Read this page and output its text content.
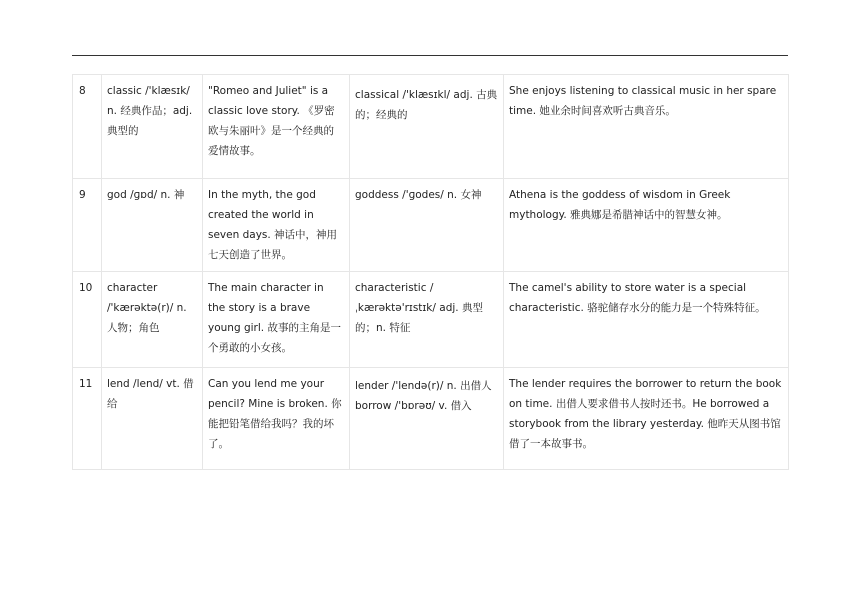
8	classic /'klæsɪk/ n. 经典作品；adj. 典型的	"Romeo and Juliet" is a classic love story. 《罗密欧与朱丽叶》是一个经典的爱情故事。	classical /'klæsɪkl/ adj. 古典的；经典的	She enjoys listening to classical music in her spare time. 她业余时间喜欢听古典音乐。
9	god /ɡɒd/ n. 神	In the myth, the god created the world in seven days. 神话中，神用七天创造了世界。	goddess /'ɡodes/ n. 女神	Athena is the goddess of wisdom in Greek mythology. 雅典娜是希腊神话中的智慧女神。
10	character /'kærəktə(r)/ n. 人物；角色	The main character in the story is a brave young girl. 故事的主角是一个勇敢的小女孩。	characteristic /ˌkærəktə'rɪstɪk/ adj. 典型的；n. 特征	The camel's ability to store water is a special characteristic. 骆驼储存水分的能力是一个特殊特征。
11	lend /lend/ vt. 借给	Can you lend me your pencil? Mine is broken. 你能把铅笔借给我吗？我的坏了。	lender /'lendə(r)/ n. 出借人 borrow /'bɒrəʊ/ v. 借入	The lender requires the borrower to return the book on time. 出借人要求借书人按时还书。He borrowed a storybook from the library yesterday. 他昨天从图书馆借了一本故事书。
